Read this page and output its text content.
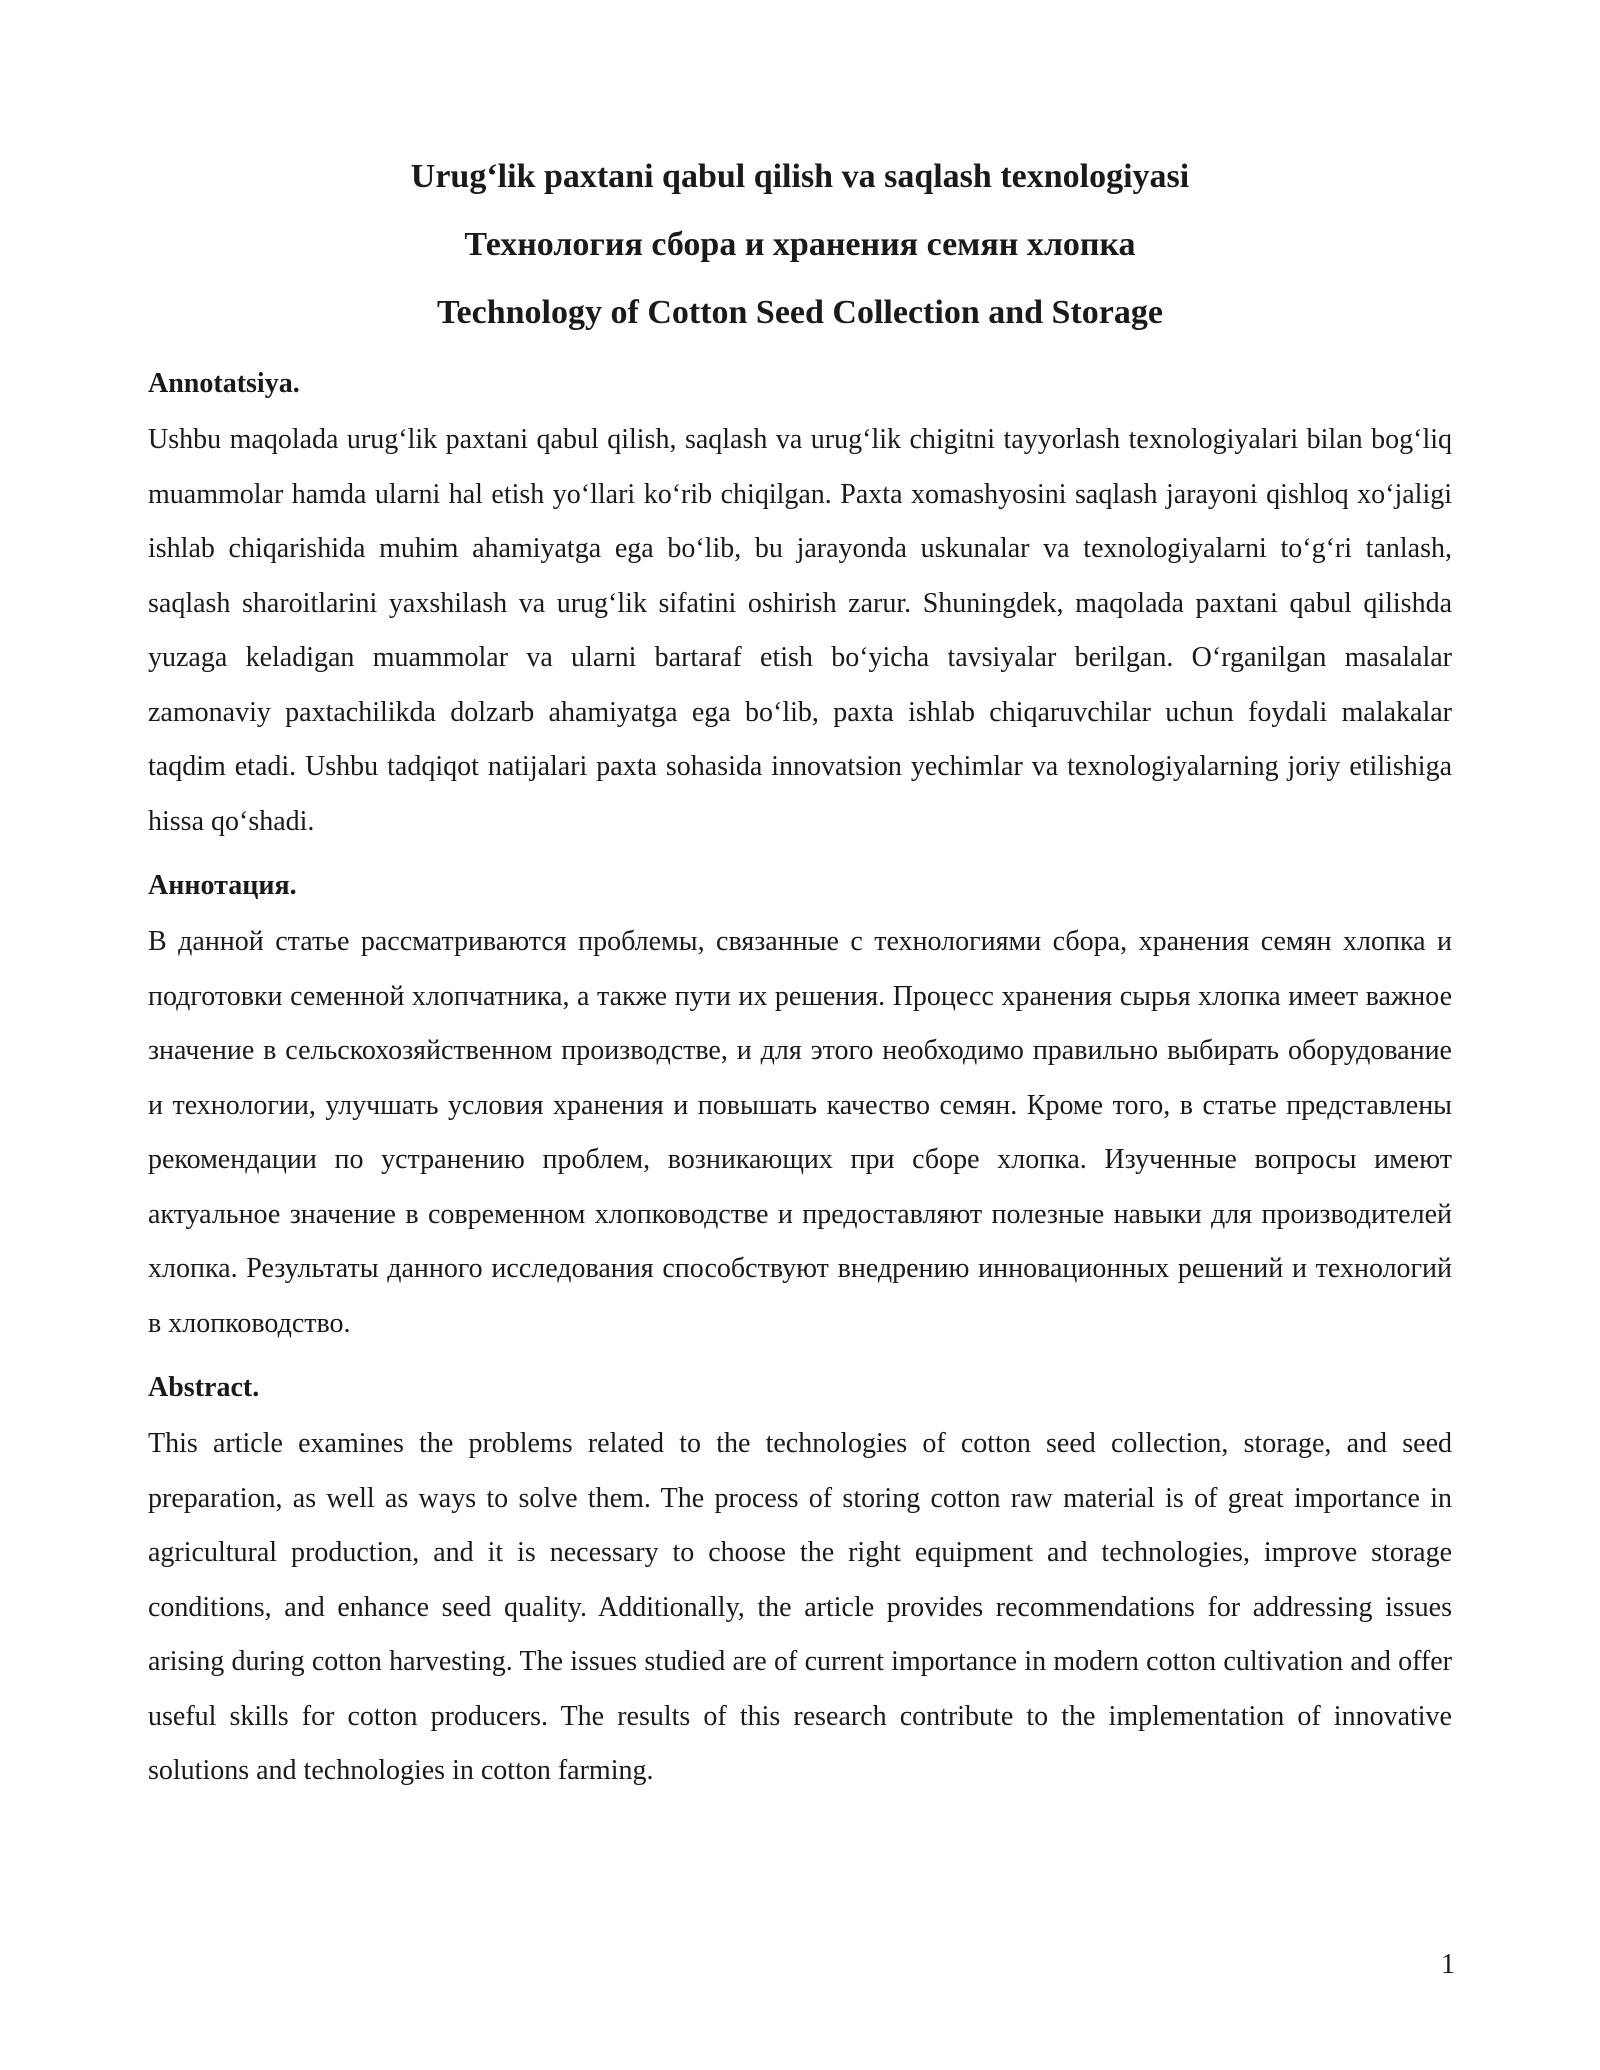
Urug‘lik paxtani qabul qilish va saqlash texnologiyasi
Технология сбора и хранения семян хлопка
Technology of Cotton Seed Collection and Storage
Annotatsiya.

Ushbu maqolada urug‘lik paxtani qabul qilish, saqlash va urug‘lik chigitni tayyorlash texnologiyalari bilan bog‘liq muammolar hamda ularni hal etish yo‘llari ko‘rib chiqilgan. Paxta xomashyosini saqlash jarayoni qishloq xo‘jaligi ishlab chiqarishida muhim ahamiyatga ega bo‘lib, bu jarayonda uskunalar va texnologiyalarni to‘g‘ri tanlash, saqlash sharoitlarini yaxshilash va urug‘lik sifatini oshirish zarur. Shuningdek, maqolada paxtani qabul qilishda yuzaga keladigan muammolar va ularni bartaraf etish bo‘yicha tavsiyalar berilgan. O‘rganilgan masalalar zamonaviy paxtachilikda dolzarb ahamiyatga ega bo‘lib, paxta ishlab chiqaruvchilar uchun foydali malakalar taqdim etadi. Ushbu tadqiqot natijalari paxta sohasida innovatsion yechimlar va texnologiyalarning joriy etilishiga hissa qo‘shadi.

Аннотация.

В данной статье рассматриваются проблемы, связанные с технологиями сбора, хранения семян хлопка и подготовки семенной хлопчатника, а также пути их решения. Процесс хранения сырья хлопка имеет важное значение в сельскохозяйственном производстве, и для этого необходимо правильно выбирать оборудование и технологии, улучшать условия хранения и повышать качество семян. Кроме того, в статье представлены рекомендации по устранению проблем, возникающих при сборе хлопка. Изученные вопросы имеют актуальное значение в современном хлопководстве и предоставляют полезные навыки для производителей хлопка. Результаты данного исследования способствуют внедрению инновационных решений и технологий в хлопководство.

Abstract.

This article examines the problems related to the technologies of cotton seed collection, storage, and seed preparation, as well as ways to solve them. The process of storing cotton raw material is of great importance in agricultural production, and it is necessary to choose the right equipment and technologies, improve storage conditions, and enhance seed quality. Additionally, the article provides recommendations for addressing issues arising during cotton harvesting. The issues studied are of current importance in modern cotton cultivation and offer useful skills for cotton producers. The results of this research contribute to the implementation of innovative solutions and technologies in cotton farming.

1
